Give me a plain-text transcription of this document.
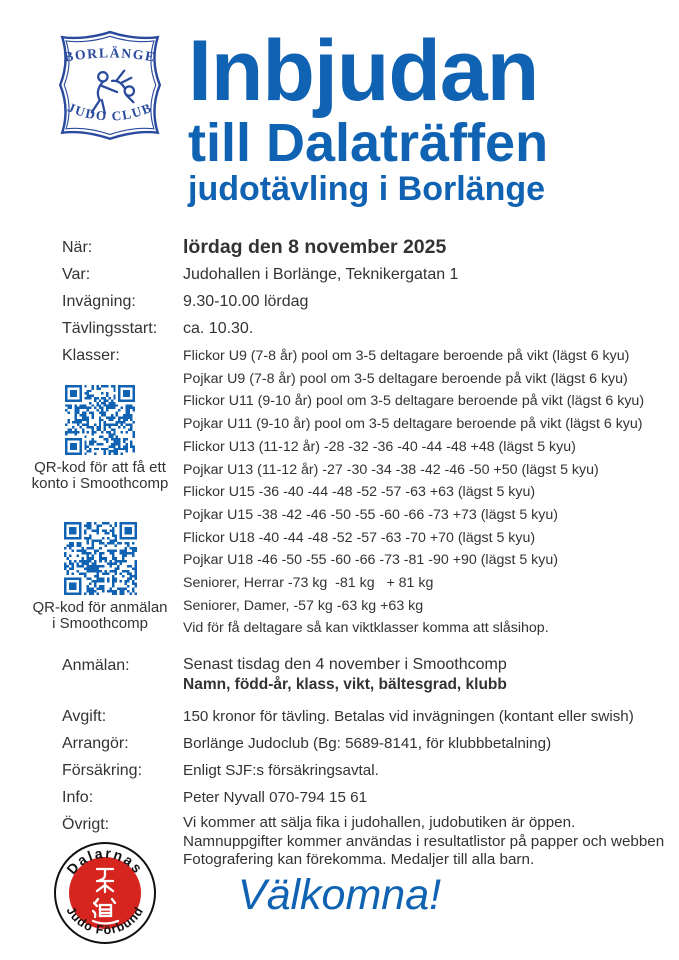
BORLÄNGE
JUDO CLUB Inbjudan
till Dalaträffen
judotävling i Borlänge
När:	lördag den 8 november 2025
Var:	Judohallen i Borlänge, Teknikergatan 1
Invägning:	9.30-10.00 lördag
Tävlingsstart:	ca. 10.30.
Klasser:	Flickor U9 (7-8 år) pool om 3-5 deltagare beroende på vikt (lägst 6 kyu)
Pojkar U9 (7-8 år) pool om 3-5 deltagare beroende på vikt (lägst 6 kyu)
Flickor U11 (9-10 år) pool om 3-5 deltagare beroende på vikt (lägst 6 kyu)
Pojkar U11 (9-10 år) pool om 3-5 deltagare beroende på vikt (lägst 6 kyu)
Flickor U13 (11-12 år) -28 -32 -36 -40 -44 -48 +48 (lägst 5 kyu)
Pojkar U13 (11-12 år) -27 -30 -34 -38 -42 -46 -50 +50 (lägst 5 kyu)
Flickor U15 -36 -40 -44 -48 -52 -57 -63 +63 (lägst 5 kyu)
Pojkar U15 -38 -42 -46 -50 -55 -60 -66 -73 +73 (lägst 5 kyu)
Flickor U18 -40 -44 -48 -52 -57 -63 -70 +70 (lägst 5 kyu)
Pojkar U18 -46 -50 -55 -60 -66 -73 -81 -90 +90 (lägst 5 kyu)
Seniorer, Herrar -73 kg  -81 kg   + 81 kg
Seniorer, Damer, -57 kg -63 kg +63 kg
Vid för få deltagare så kan viktklasser komma att slåsihop.
Anmälan:	Senast tisdag den 4 november i Smoothcomp
Namn, född-år, klass, vikt, bältesgrad, klubb
Avgift:	150 kronor för tävling. Betalas vid invägningen (kontant eller swish)
Arrangör:	Borlänge Judoclub (Bg: 5689-8141, för klubbbetalning)
Försäkring:	Enligt SJF:s försäkringsavtal.
Info:	Peter Nyvall 070-794 15 61
Övrigt:	Vi kommer att sälja fika i judohallen, judobutiken är öppen.
Namnuppgifter kommer användas i resultatlistor på papper och webben
Fotografering kan förekomma. Medaljer till alla barn.
QR-kod för att få ett
konto i Smoothcomp
QR-kod för anmälan
i Smoothcomp
Dalarnas
Judo Förbund	Välkomna!
